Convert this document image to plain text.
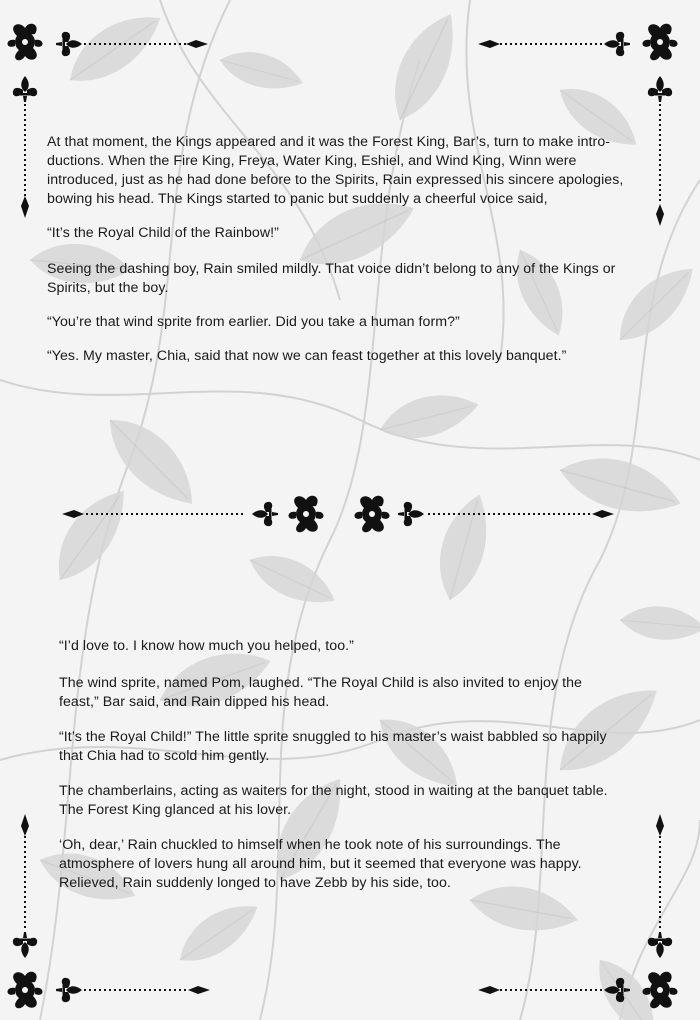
At that moment, the Kings appeared and it was the Forest King, Bar’s, turn to make intro-
ductions. When the Fire King, Freya, Water King, Eshiel, and Wind King, Winn were
introduced, just as he had done before to the Spirits, Rain expressed his sincere apologies,
bowing his head. The Kings started to panic but suddenly a cheerful voice said,

“It’s the Royal Child of the Rainbow!”

Seeing the dashing boy, Rain smiled mildly. That voice didn’t belong to any of the Kings or
Spirits, but the boy.

“You’re that wind sprite from earlier. Did you take a human form?”

“Yes. My master, Chia, said that now we can feast together at this lovely banquet.”

“I’d love to. I know how much you helped, too.”

The wind sprite, named Pom, laughed. “The Royal Child is also invited to enjoy the
feast,” Bar said, and Rain dipped his head.

“It’s the Royal Child!” The little sprite snuggled to his master’s waist babbled so happily
that Chia had to scold him gently.

The chamberlains, acting as waiters for the night, stood in waiting at the banquet table.
The Forest King glanced at his lover.

‘Oh, dear,’ Rain chuckled to himself when he took note of his surroundings. The
atmosphere of lovers hung all around him, but it seemed that everyone was happy.
Relieved, Rain suddenly longed to have Zebb by his side, too.
